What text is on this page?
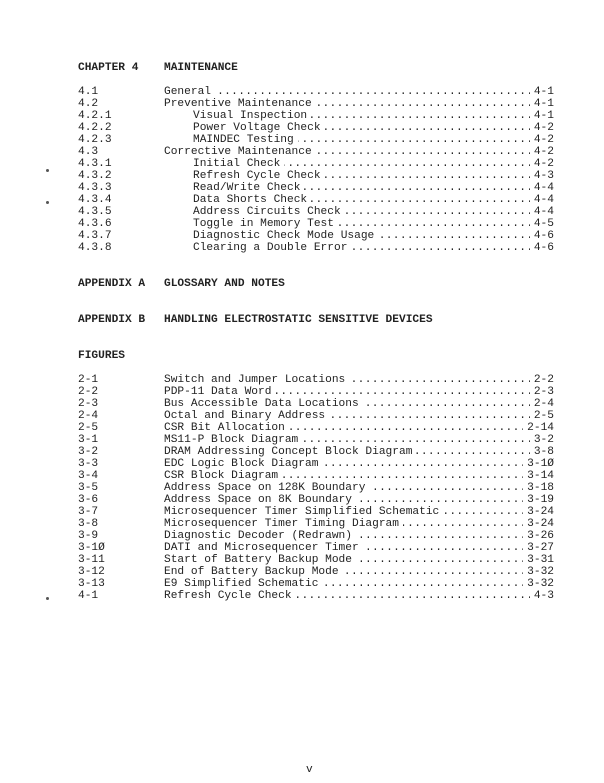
CHAPTER 4 MAINTENANCE
4.1	General . . .	4-1
4.2	Preventive Maintenance . . .	4-1
4.2.1	Visual Inspection . . .	4-1
4.2.2	Power Voltage Check . . .	4-2
4.2.3	MAINDEC Testing . . .	4-2
4.3	Corrective Maintenance . . .	4-2
4.3.1	Initial Check . . .	4-2
4.3.2	Refresh Cycle Check . . .	4-3
4.3.3	Read/Write Check . . .	4-4
4.3.4	Data Shorts Check . . .	4-4
4.3.5	Address Circuits Check . . .	4-4
4.3.6	Toggle in Memory Test . . .	4-5
4.3.7	Diagnostic Check Mode Usage . . .	4-6
4.3.8	Clearing a Double Error . . .	4-6
APPENDIX A GLOSSARY AND NOTES
APPENDIX B HANDLING ELECTROSTATIC SENSITIVE DEVICES
FIGURES
2-1	Switch and Jumper Locations . . .	2-2
2-2	PDP-11 Data Word . . .	2-3
2-3	Bus Accessible Data Locations . . .	2-4
2-4	Octal and Binary Address . . .	2-5
2-5	CSR Bit Allocation . . .	2-14
3-1	MS11-P Block Diagram . . .	3-2
3-2	DRAM Addressing Concept Block Diagram . . .	3-8
3-3	EDC Logic Block Diagram . . .	3-1Ø
3-4	CSR Block Diagram . . .	3-14
3-5	Address Space on 128K Boundary . . .	3-18
3-6	Address Space on 8K Boundary . . .	3-19
3-7	Microsequencer Timer Simplified Schematic . . .	3-24
3-8	Microsequencer Timer Timing Diagram . . .	3-24
3-9	Diagnostic Decoder (Redrawn) . . .	3-26
3-1Ø	DATI and Microsequencer Timer . . .	3-27
3-11	Start of Battery Backup Mode . . .	3-31
3-12	End of Battery Backup Mode . . .	3-32
3-13	E9 Simplified Schematic . . .	3-32
4-1	Refresh Cycle Check . . .	4-3
v
